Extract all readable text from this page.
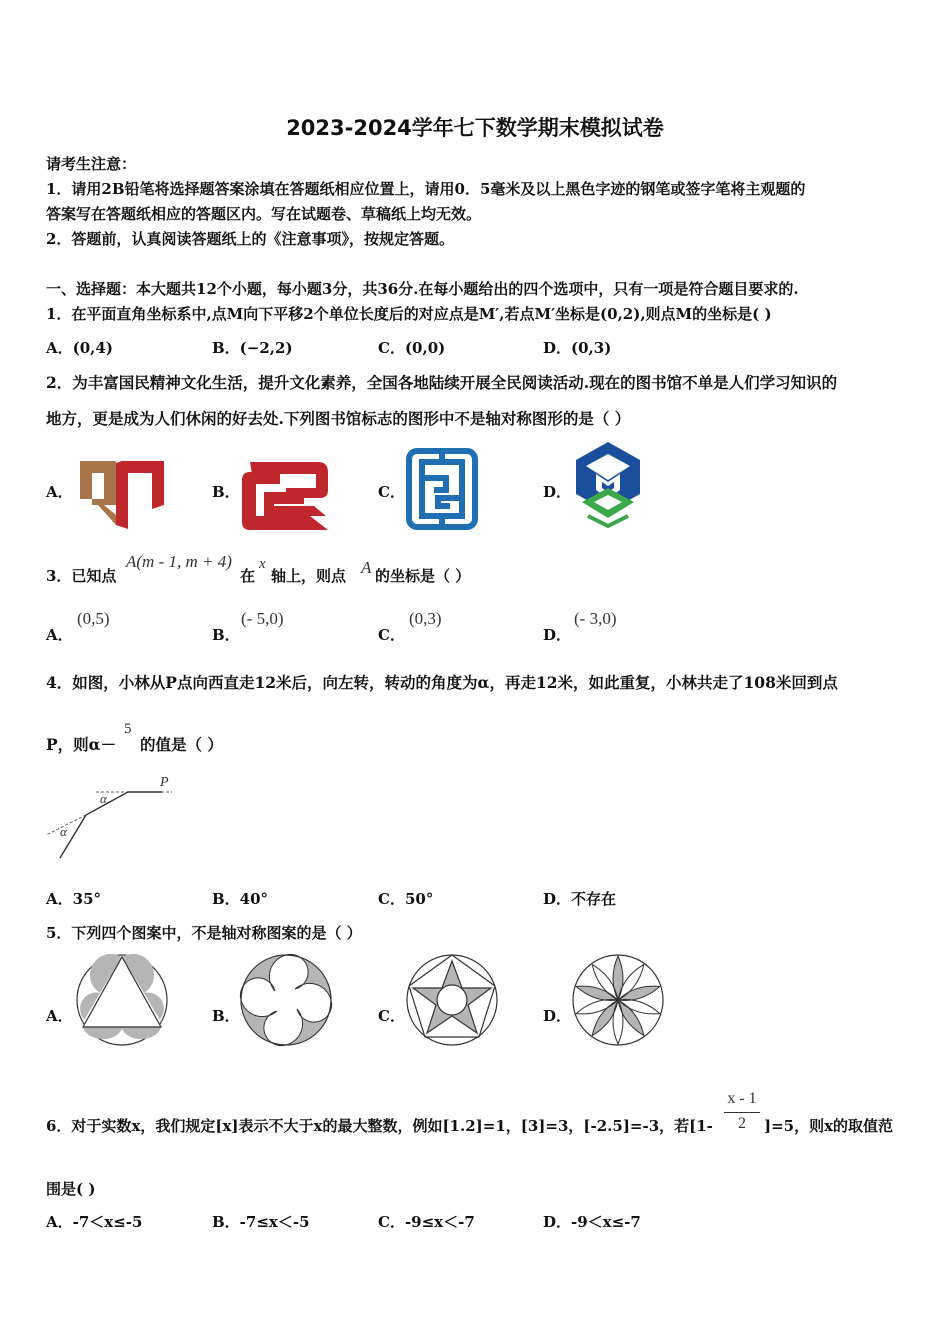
2023-2024学年七下数学期末模拟试卷
请考生注意：
1．请用2B铅笔将选择题答案涂填在答题纸相应位置上，请用0．5毫米及以上黑色字迹的钢笔或签字笔将主观题的
答案写在答题纸相应的答题区内。写在试题卷、草稿纸上均无效。
2．答题前，认真阅读答题纸上的《注意事项》，按规定答题。
一、选择题：本大题共12个小题，每小题3分，共36分.在每小题给出的四个选项中，只有一项是符合题目要求的.
1．在平面直角坐标系中,点M向下平移2个单位长度后的对应点是M′,若点M′坐标是(0,2),则点M的坐标是( )
A．(0,4)	B．(−2,2)	C．(0,0)	D．(0,3)
2．为丰富国民精神文化生活，提升文化素养，全国各地陆续开展全民阅读活动.现在的图书馆不单是人们学习知识的
地方，更是成为人们休闲的好去处.下列图书馆标志的图形中不是轴对称图形的是（ ）
A．	B．	C．	D．
3．已知点
A(m - 1, m + 4)
在
x
轴上，则点 A 的坐标是（ ）
A．
(0,5)
B．
(- 5,0)
C．
(0,3)
D．
(- 3,0)
4．如图，小林从P点向西直走12米后，向左转，转动的角度为α，再走12米，如此重复，小林共走了108米回到点
P，则α－
5
的值是（ ）
P
α
α
A．35°	B．40°	C．50°	D．不存在
5．下列四个图案中，不是轴对称图案的是（ ）
A．	B．	C．	D．
6．对于实数x，我们规定[x]表示不大于x的最大整数，例如[1.2]=1，[3]=3，[-2.5]=-3，若[1-
x - 1
2	]=5，则x的取值范
围是( )
A．-7＜x≤-5	B．-7≤x＜-5	C．-9≤x＜-7	D．-9＜x≤-7
